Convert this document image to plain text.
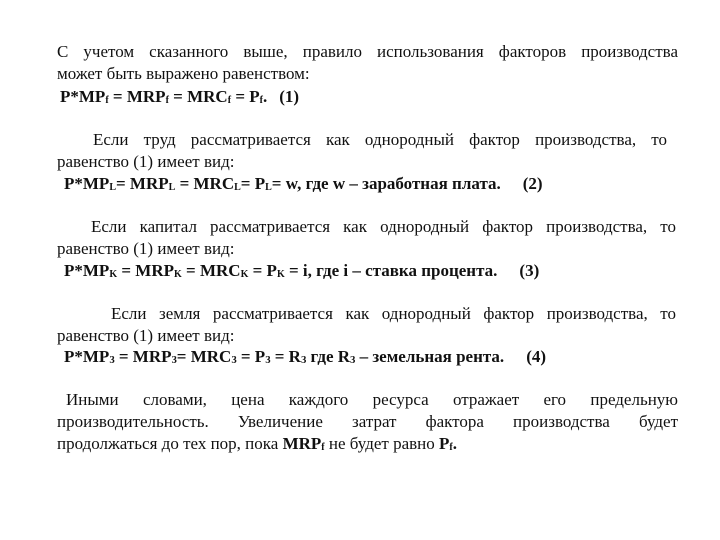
С учетом сказанного выше, правило использования факторов производства
может быть выражено равенством:
$P*MP_f = MRP_f = MRC_f = P_f$. (1)
Если труд рассматривается как однородный фактор производства, то
равенство (1) имеет вид:
$P*MP_L= MRP_L = MRC_L= P_L= w$, где w – заработная плата. (2)
Если капитал рассматривается как однородный фактор производства, то
равенство (1) имеет вид:
$P*MP_K = MRP_K = MRC_K = P_K = i$, где i – ставка процента. (3)
Если земля рассматривается как однородный фактор производства, то
равенство (1) имеет вид:
$P*MP_З = MRP_З= MRC_З = P_З = R_З$ где $R_З$ – земельная рента. (4)
Иными словами, цена каждого ресурса отражает его предельную
производительность. Увеличение затрат фактора производства будет
продолжаться до тех пор, пока $MRP_f$ не будет равно $P_f$.
